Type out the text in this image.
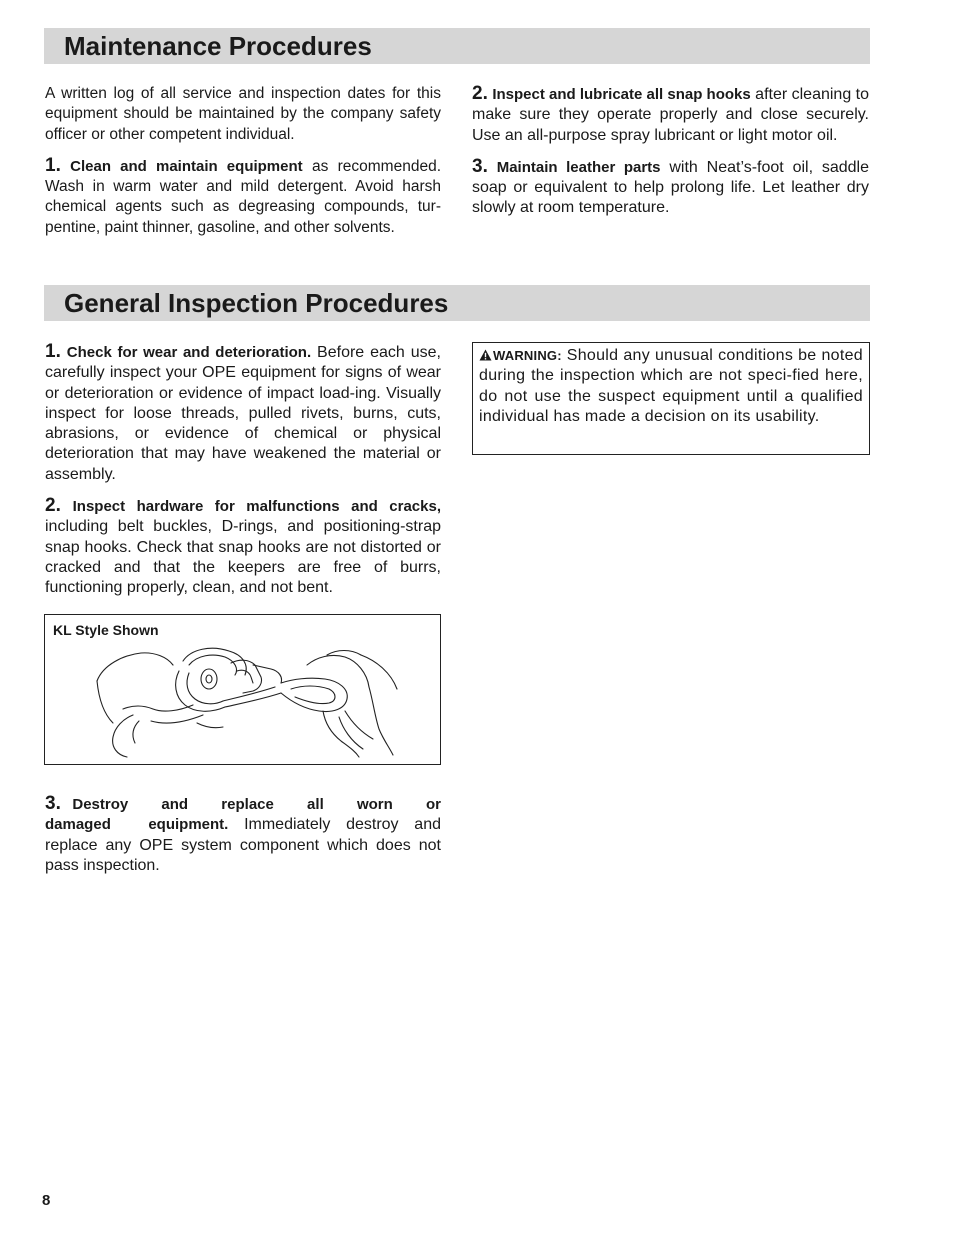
Maintenance Procedures

A written log of all service and inspection dates for this equipment should be maintained by the company safety officer or other competent individual.

1. Clean and maintain equipment as recommended. Wash in warm water and mild detergent. Avoid harsh chemical agents such as degreasing compounds, tur-pentine, paint thinner, gasoline, and other solvents.

2. Inspect and lubricate all snap hooks after cleaning to make sure they operate properly and close securely. Use an all-purpose spray lubricant or light motor oil.

3. Maintain leather parts with Neat’s-foot oil, saddle soap or equivalent to help prolong life. Let leather dry slowly at room temperature.

General Inspection Procedures

1. Check for wear and deterioration. Before each use, carefully inspect your OPE equipment for signs of wear or deterioration or evidence of impact load-ing. Visually inspect for loose threads, pulled rivets, burns, cuts, abrasions, or evidence of chemical or physical deterioration that may have weakened the material or assembly.

2. Inspect hardware for malfunctions and cracks, including belt buckles, D-rings, and positioning-strap snap hooks. Check that snap hooks are not distorted or cracked and that the keepers are free of burrs, functioning properly, clean, and not bent.

KL Style Shown

3. Destroy and replace all worn or damaged equipment. Immediately destroy and replace any OPE system component which does not pass inspection.

WARNING: Should any unusual conditions be noted during the inspection which are not speci-fied here, do not use the suspect equipment until a qualified individual has made a decision on its usability.
8
